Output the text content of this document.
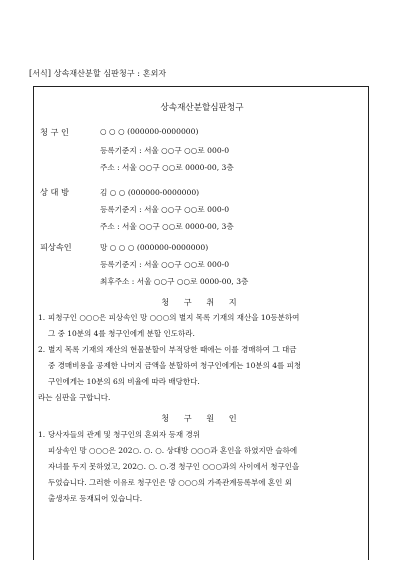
[서식] 상속재산분할 심판청구 : 혼외자
상속재산분할심판청구
청 구 인	○ ○ ○ (000000-0000000)
등록기준지 : 서울 ○○구 ○○로 000-0
주소 : 서울 ○○구 ○○로 0000-00, 3층
상 대 방	김 ○ ○ (000000-0000000)
등록기준지 : 서울 ○○구 ○○로 000-0
주소 : 서울 ○○구 ○○로 0000-00, 3층
피상속인	망 ○ ○ ○ (000000-0000000)
등록기준지 : 서울 ○○구 ○○로 000-0
최후주소 : 서울 ○○구 ○○로 0000-00, 3층
청 구 취 지
1. 피청구인 ○○○은 피상속인 망 ○○○의 별지 목록 기재의 재산을 10등분하여
그 중 10분의 4를 청구인에게 분할 인도하라.
2. 별지 목록 기재의 재산의 현물분할이 부적당한 때에는 이를 경매하여 그 대금
중 경매비용을 공제한 나머지 금액을 분할하여 청구인에게는 10분의 4를 피청
구인에게는 10분의 6의 비율에 따라 배당한다.
라는 심판을 구합니다.
청 구 원 인
1. 당사자들의 관계 및 청구인의 혼외자 등재 경위
피상속인 망 ○○○은 202○. ○. ○. 상대방 ○○○과 혼인을 하였지만 슬하에
자녀를 두지 못하였고, 202○. ○. ○.경 청구인 ○○○과의 사이에서 청구인을
두었습니다. 그러한 이유로 청구인은 망 ○○○의 가족관계등록부에 혼인 외
출생자로 등재되어 있습니다.
